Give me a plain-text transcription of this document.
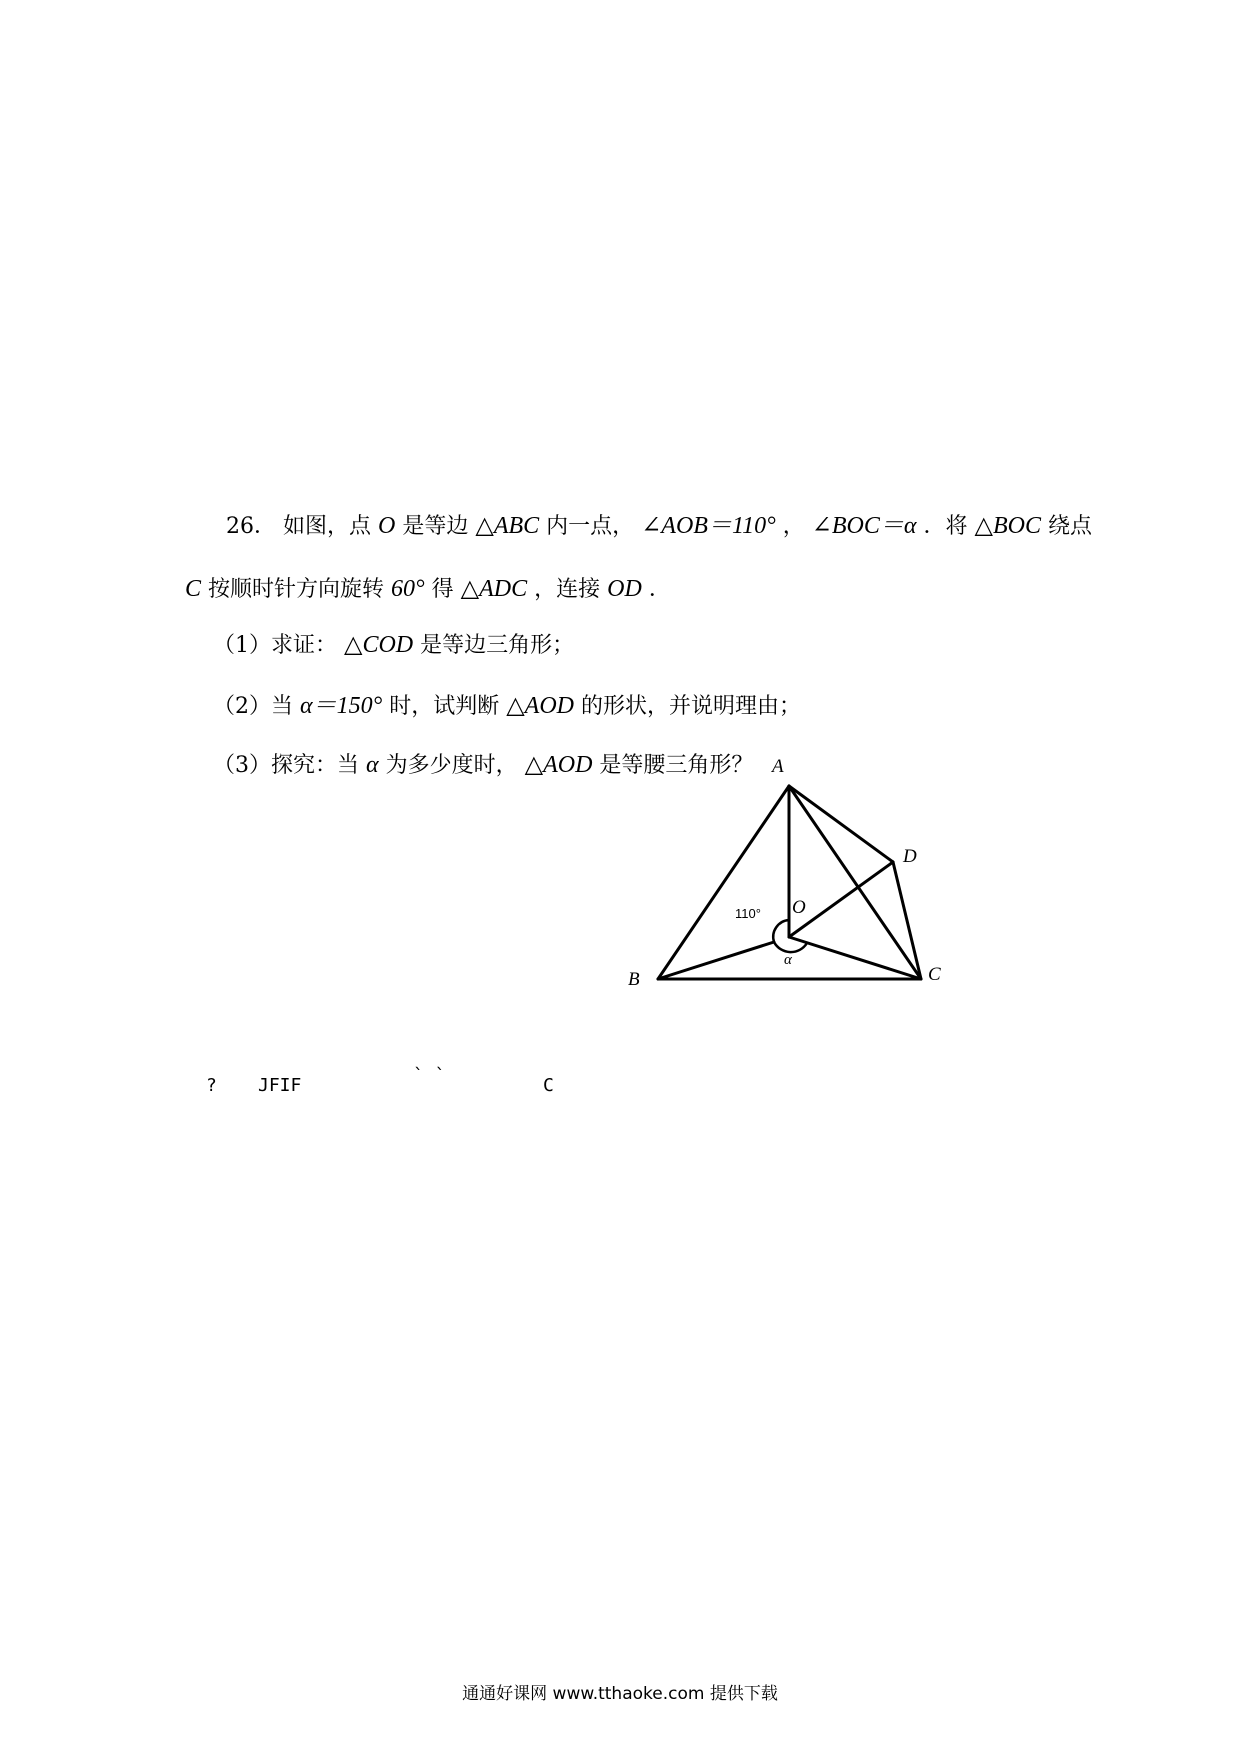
26． 如图，点 O 是等边 △ABC 内一点， ∠AOB＝110° ， ∠BOC＝α ．将 △BOC 绕点
C 按顺时针方向旋转 60° 得 △ADC ，连接 OD ．
（1）求证： △COD 是等边三角形；
（2）当 α＝150° 时，试判断 △AOD 的形状，并说明理由；
（3）探究：当 α 为多少度时， △AOD 是等腰三角形？ A
D
O
B	C
110°
α
? JFIF	` `	C
通通好课网 www.tthaoke.com 提供下载
